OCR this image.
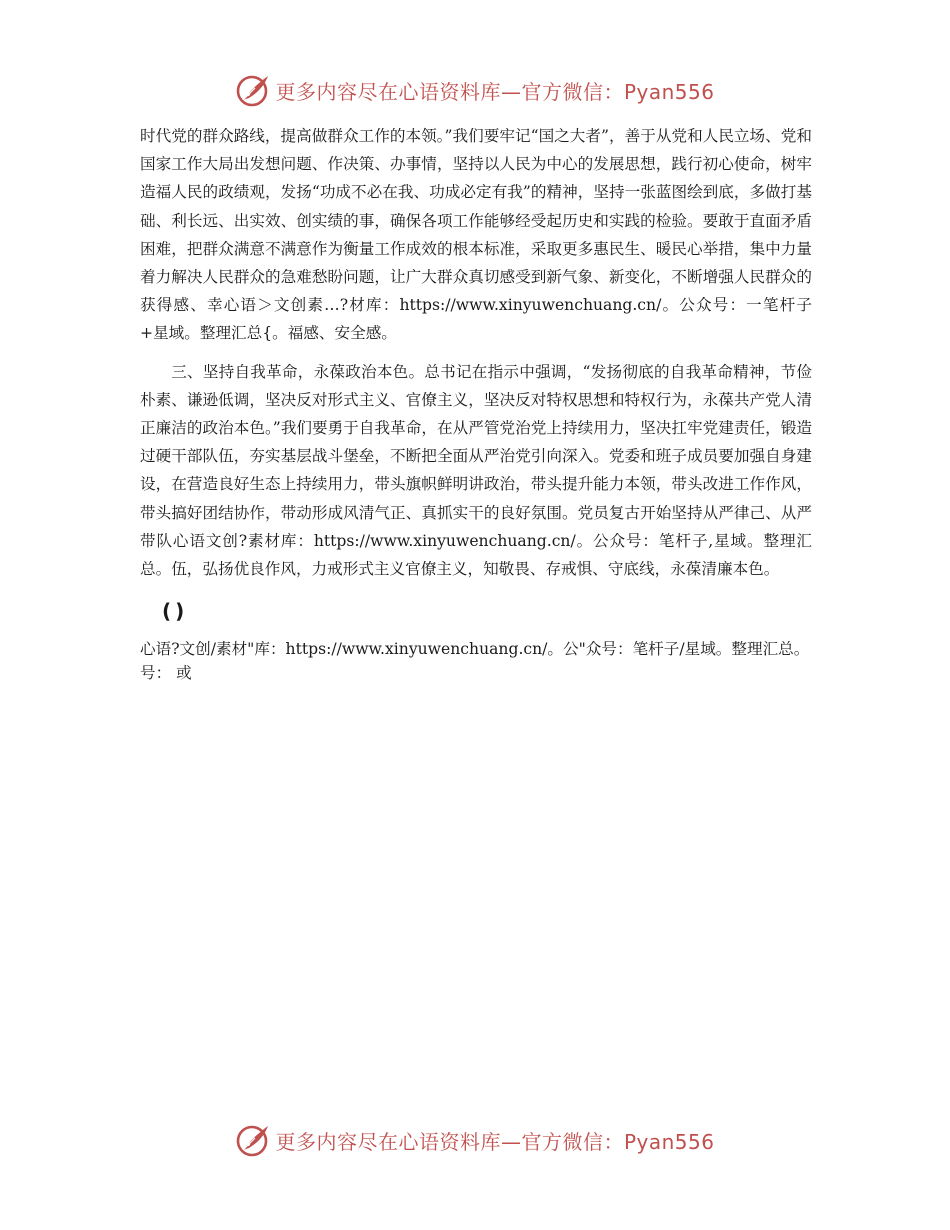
更多内容尽在心语资料库—官方微信：Pyan556

时代党的群众路线，提高做群众工作的本领。”我们要牢记“国之大者”，善于从党和人民立场、党和国家工作大局出发想问题、作决策、办事情，坚持以人民为中心的发展思想，践行初心使命，树牢造福人民的政绩观，发扬“功成不必在我、功成必定有我”的精神，坚持一张蓝图绘到底，多做打基础、利长远、出实效、创实绩的事，确保各项工作能够经受起历史和实践的检验。要敢于直面矛盾困难，把群众满意不满意作为衡量工作成效的根本标准，采取更多惠民生、暖民心举措，集中力量着力解决人民群众的急难愁盼问题，让广大群众真切感受到新气象、新变化，不断增强人民群众的获得感、幸心语＞文创素…?材库：https://www.xinyuwenchuang.cn/。公众号：一笔杆子+星域。整理汇总{。福感、安全感。

三、坚持自我革命，永葆政治本色。总书记在指示中强调，“发扬彻底的自我革命精神，节俭朴素、谦逊低调，坚决反对形式主义、官僚主义，坚决反对特权思想和特权行为，永葆共产党人清正廉洁的政治本色。”我们要勇于自我革命，在从严管党治党上持续用力，坚决扛牢党建责任，锻造过硬干部队伍，夯实基层战斗堡垒，不断把全面从严治党引向深入。党委和班子成员要加强自身建设，在营造良好生态上持续用力，带头旗帜鲜明讲政治，带头提升能力本领，带头改进工作作风，带头搞好团结协作，带动形成风清气正、真抓实干的良好氛围。党员复古开始坚持从严律己、从严带队心语文创?素材库：https://www.xinyuwenchuang.cn/。公众号：笔杆子,星域。整理汇总。伍，弘扬优良作风，力戒形式主义官僚主义，知敬畏、存戒惧、守底线，永葆清廉本色。

()
心语?文创/素材"库：https://www.xinyuwenchuang.cn/。公"众号：笔杆子/星域。整理汇总。号： 或
更多内容尽在心语资料库—官方微信：Pyan556
